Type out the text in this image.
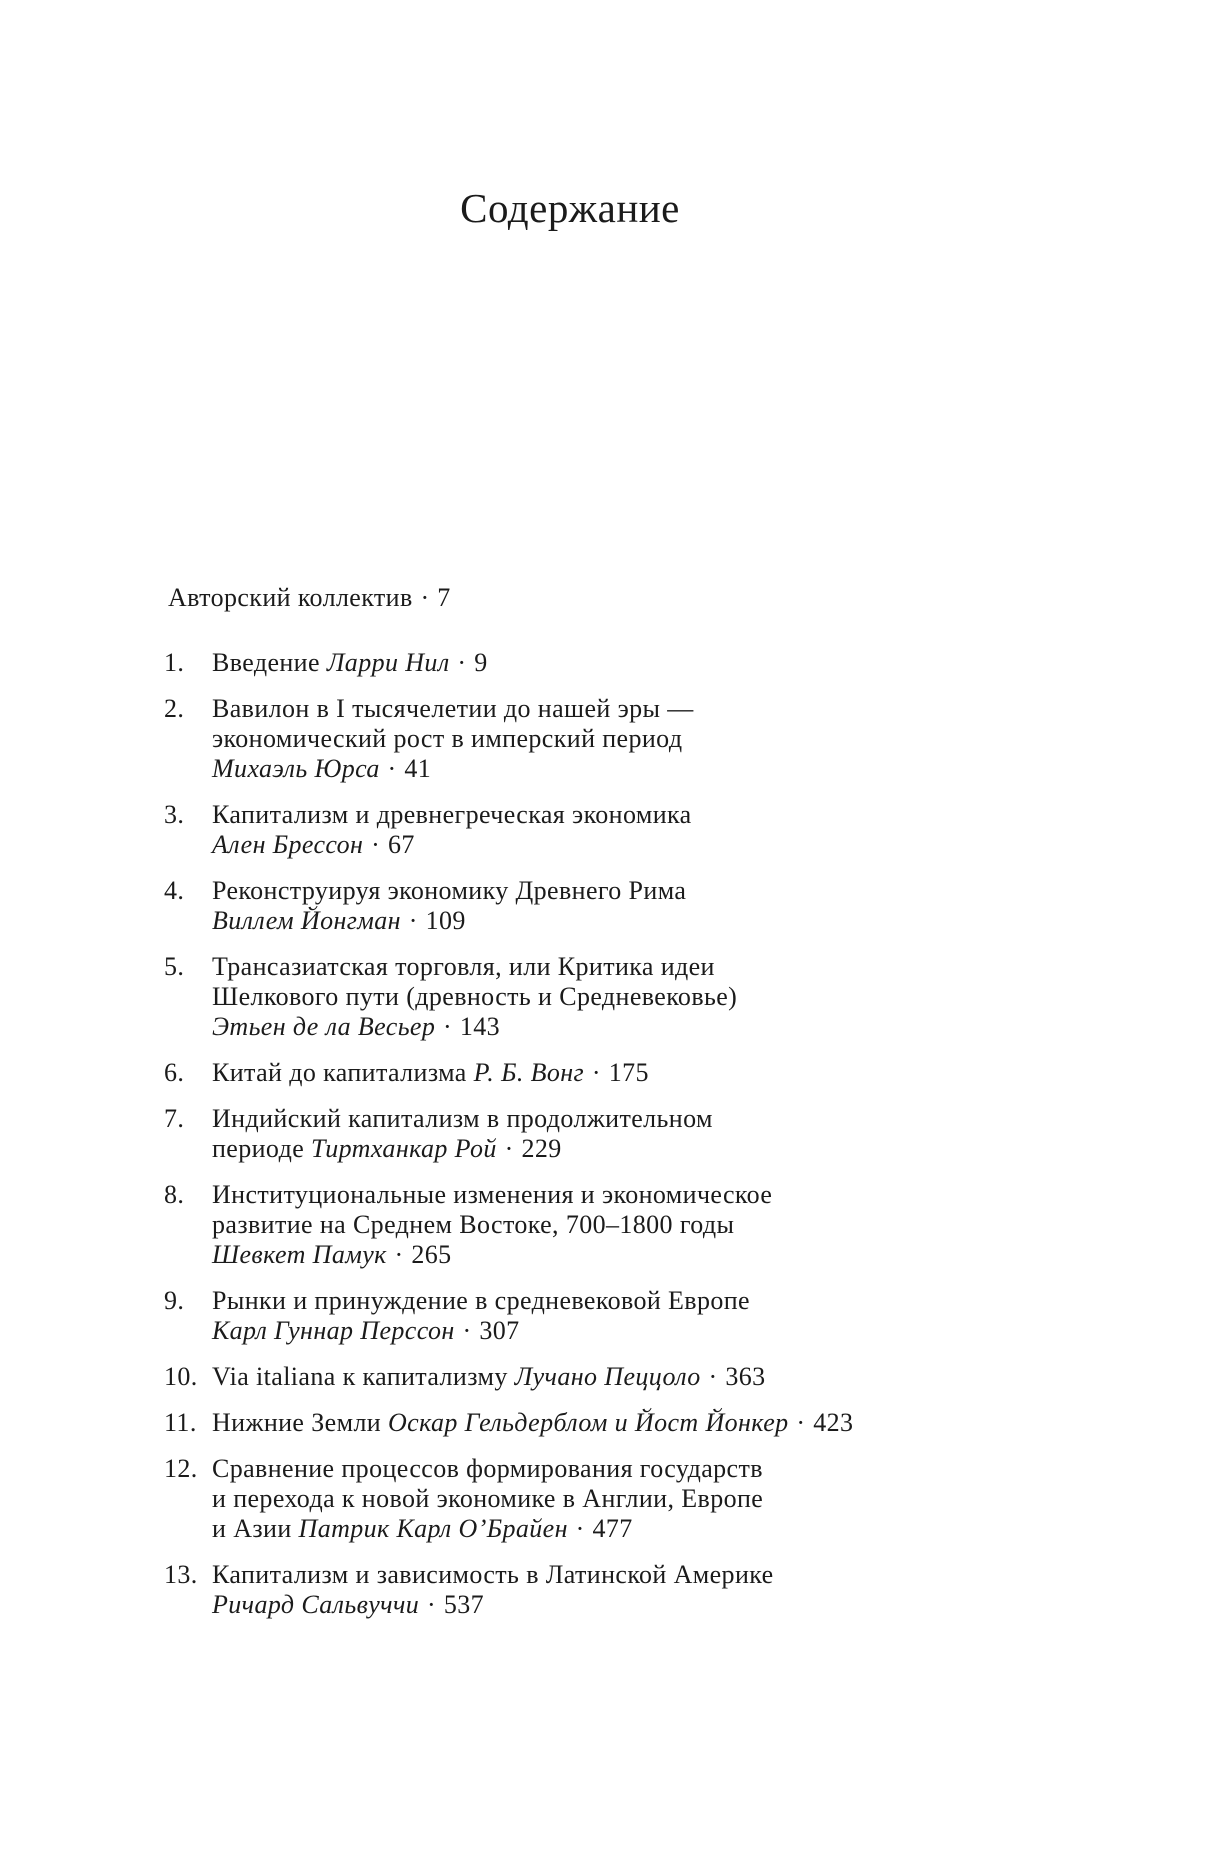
Содержание
Авторский коллектив · 7
1.	Введение Ларри Нил · 9
2.	Вавилон в I тысячелетии до нашей эры —
экономический рост в имперский период
Михаэль Юрса · 41
3.	Капитализм и древнегреческая экономика
Ален Брессон · 67
4.	Реконструируя экономику Древнего Рима
Виллем Йонгман · 109
5.	Трансазиатская торговля, или Критика идеи
Шелкового пути (древность и Средневековье)
Этьен де ла Весьер · 143
6.	Китай до капитализма Р. Б. Вонг · 175
7.	Индийский капитализм в продолжительном
периоде Тиртханкар Рой · 229
8.	Институциональные изменения и экономическое
развитие на Среднем Востоке, 700–1800 годы
Шевкет Памук · 265
9.	Рынки и принуждение в средневековой Европе
Карл Гуннар Перссон · 307
10. Via italiana к капитализму Лучано Пеццоло · 363
11. Нижние Земли Оскар Гельдерблом и Йост Йонкер · 423
12. Сравнение процессов формирования государств
и перехода к новой экономике в Англии, Европе
и Азии Патрик Карл О’Брайен · 477
13. Капитализм и зависимость в Латинской Америке
Ричард Сальвуччи · 537
